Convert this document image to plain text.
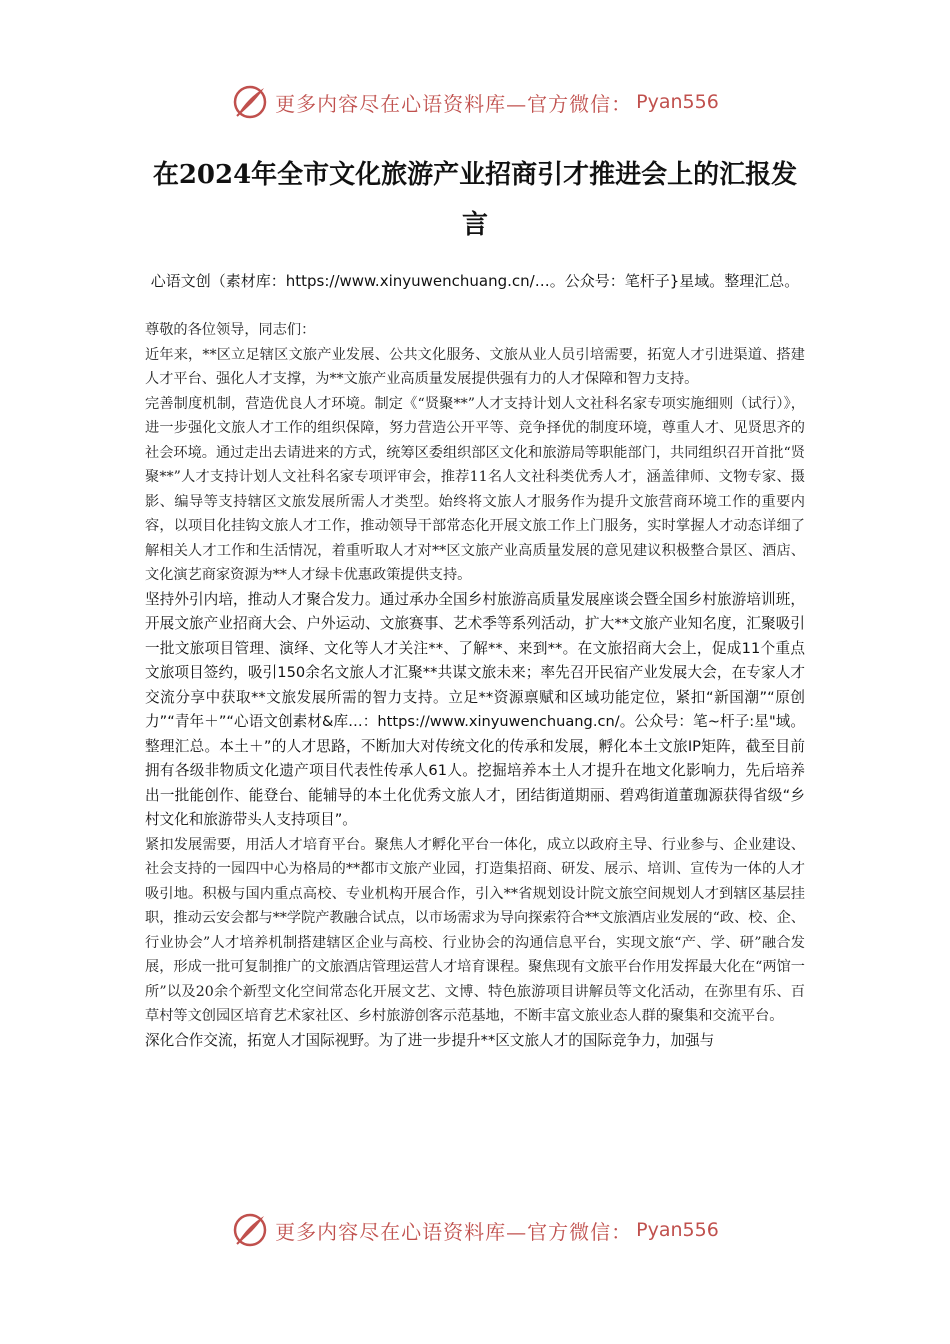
更多内容尽在心语资料库—官方微信： Pyan556
在2024年全市文化旅游产业招商引才推进会上的汇报发言
心语文创（素材库：https://www.xinyuwenchuang.cn/…。公众号：笔杆子}星域。整理汇总。

尊敬的各位领导，同志们：

近年来，**区立足辖区文旅产业发展、公共文化服务、文旅从业人员引培需要，拓宽人才引进渠道、搭建人才平台、强化人才支撑，为**文旅产业高质量发展提供强有力的人才保障和智力支持。

完善制度机制，营造优良人才环境。制定《“贤聚**”人才支持计划人文社科名家专项实施细则（试行）》，进一步强化文旅人才工作的组织保障，努力营造公开平等、竞争择优的制度环境，尊重人才、见贤思齐的社会环境。通过走出去请进来的方式，统筹区委组织部区文化和旅游局等职能部门，共同组织召开首批“贤聚**”人才支持计划人文社科名家专项评审会，推荐11名人文社科类优秀人才，涵盖律师、文物专家、摄影、编导等支持辖区文旅发展所需人才类型。始终将文旅人才服务作为提升文旅营商环境工作的重要内容，以项目化挂钩文旅人才工作，推动领导干部常态化开展文旅工作上门服务，实时掌握人才动态详细了解相关人才工作和生活情况，着重听取人才对**区文旅产业高质量发展的意见建议积极整合景区、酒店、文化演艺商家资源为**人才绿卡优惠政策提供支持。

坚持外引内培，推动人才聚合发力。通过承办全国乡村旅游高质量发展座谈会暨全国乡村旅游培训班，开展文旅产业招商大会、户外运动、文旅赛事、艺术季等系列活动，扩大**文旅产业知名度，汇聚吸引一批文旅项目管理、演绎、文化等人才关注**、了解**、来到**。在文旅招商大会上，促成11个重点文旅项目签约，吸引150余名文旅人才汇聚**共谋文旅未来；率先召开民宿产业发展大会，在专家人才交流分享中获取**文旅发展所需的智力支持。立足**资源禀赋和区域功能定位，紧扣“新国潮”“原创力”“青年＋”“心语文创素材&库…：https://www.xinyuwenchuang.cn/。公众号：笔~杆子:星"域。整理汇总。本土＋”的人才思路，不断加大对传统文化的传承和发展，孵化本土文旅IP矩阵，截至目前拥有各级非物质文化遗产项目代表性传承人61人。挖掘培养本土人才提升在地文化影响力，先后培养出一批能创作、能登台、能辅导的本土化优秀文旅人才，团结街道期丽、碧鸡街道董珈源获得省级“乡村文化和旅游带头人支持项目”。

紧扣发展需要，用活人才培育平台。聚焦人才孵化平台一体化，成立以政府主导、行业参与、企业建设、社会支持的一园四中心为格局的**都市文旅产业园，打造集招商、研发、展示、培训、宣传为一体的人才吸引地。积极与国内重点高校、专业机构开展合作，引入**省规划设计院文旅空间规划人才到辖区基层挂职，推动云安会都与**学院产教融合试点，以市场需求为导向探索符合**文旅酒店业发展的“政、校、企、行业协会”人才培养机制搭建辖区企业与高校、行业协会的沟通信息平台，实现文旅“产、学、研”融合发展，形成一批可复制推广的文旅酒店管理运营人才培育课程。聚焦现有文旅平台作用发挥最大化在“两馆一所”以及20余个新型文化空间常态化开展文艺、文博、特色旅游项目讲解员等文化活动，在弥里有乐、百草村等文创园区培育艺术家社区、乡村旅游创客示范基地，不断丰富文旅业态人群的聚集和交流平台。

深化合作交流，拓宽人才国际视野。为了进一步提升**区文旅人才的国际竞争力，加强与

更多内容尽在心语资料库—官方微信： Pyan556
